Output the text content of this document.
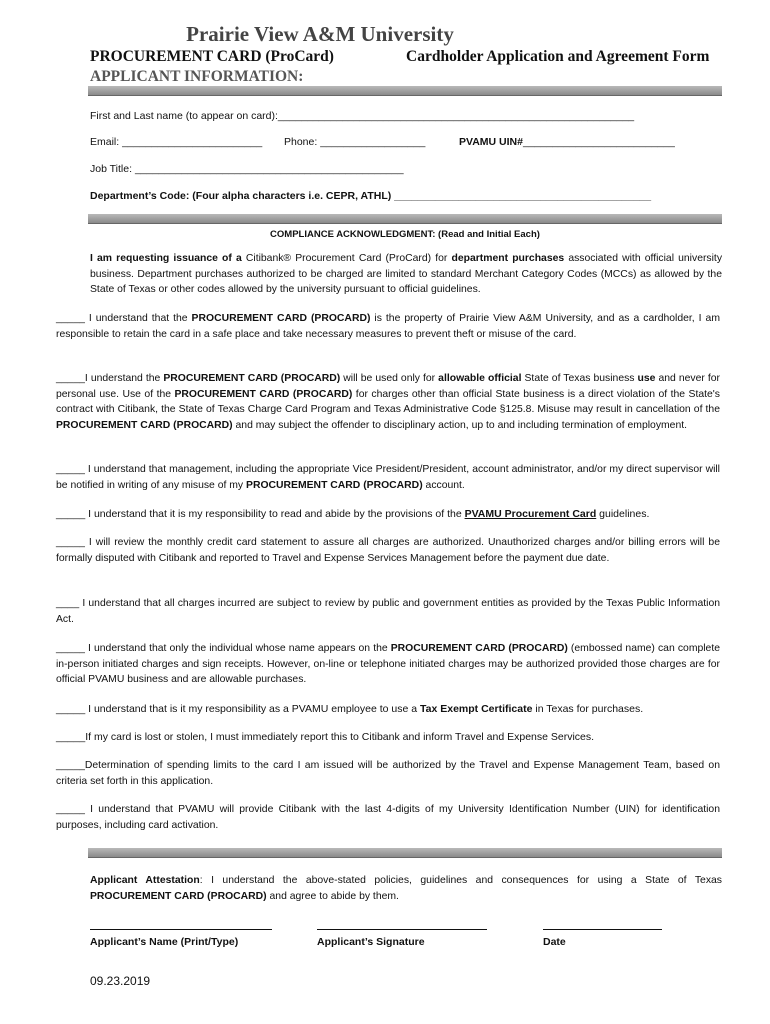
Prairie View A&M University
PROCUREMENT CARD (ProCard)	Cardholder Application and Agreement Form
APPLICANT INFORMATION:
First and Last name (to appear on card):_____________________________________________________________
Email: ________________________ Phone: __________________	PVAMU UIN#__________________________
Job Title: ______________________________________________
Department’s Code: (Four alpha characters i.e. CEPR, ATHL) ____________________________________________
COMPLIANCE ACKNOWLEDGMENT: (Read and Initial Each)
I am requesting issuance of a Citibank® Procurement Card (ProCard) for department purchases associated with official university business. Department purchases authorized to be charged are limited to standard Merchant Category Codes (MCCs) as allowed by the State of Texas or other codes allowed by the university pursuant to official guidelines.
_____ I understand that the PROCUREMENT CARD (PROCARD) is the property of Prairie View A&M University, and as a cardholder, I am responsible to retain the card in a safe place and take necessary measures to prevent theft or misuse of the card.
_____I understand the PROCUREMENT CARD (PROCARD) will be used only for allowable official State of Texas business use and never for personal use. Use of the PROCUREMENT CARD (PROCARD) for charges other than official State business is a direct violation of the State's contract with Citibank, the State of Texas Charge Card Program and Texas Administrative Code §125.8. Misuse may result in cancellation of the PROCUREMENT CARD (PROCARD) and may subject the offender to disciplinary action, up to and including termination of employment.
_____ I understand that management, including the appropriate Vice President/President, account administrator, and/or my direct supervisor will be notified in writing of any misuse of my PROCUREMENT CARD (PROCARD) account.
_____ I understand that it is my responsibility to read and abide by the provisions of the PVAMU Procurement Card guidelines.
_____ I will review the monthly credit card statement to assure all charges are authorized. Unauthorized charges and/or billing errors will be formally disputed with Citibank and reported to Travel and Expense Services Management before the payment due date.
____ I understand that all charges incurred are subject to review by public and government entities as provided by the Texas Public Information Act.
_____ I understand that only the individual whose name appears on the PROCUREMENT CARD (PROCARD) (embossed name) can complete in-person initiated charges and sign receipts. However, on-line or telephone initiated charges may be authorized provided those charges are for official PVAMU business and are allowable purchases.
_____ I understand that is it my responsibility as a PVAMU employee to use a Tax Exempt Certificate in Texas for purchases.
_____If my card is lost or stolen, I must immediately report this to Citibank and inform Travel and Expense Services.
_____Determination of spending limits to the card I am issued will be authorized by the Travel and Expense Management Team, based on criteria set forth in this application.
_____ I understand that PVAMU will provide Citibank with the last 4-digits of my University Identification Number (UIN) for identification purposes, including card activation.
Applicant Attestation: I understand the above-stated policies, guidelines and consequences for using a State of Texas PROCUREMENT CARD (PROCARD) and agree to abide by them.
Applicant’s Name (Print/Type)	Applicant’s Signature	Date
09.23.2019
